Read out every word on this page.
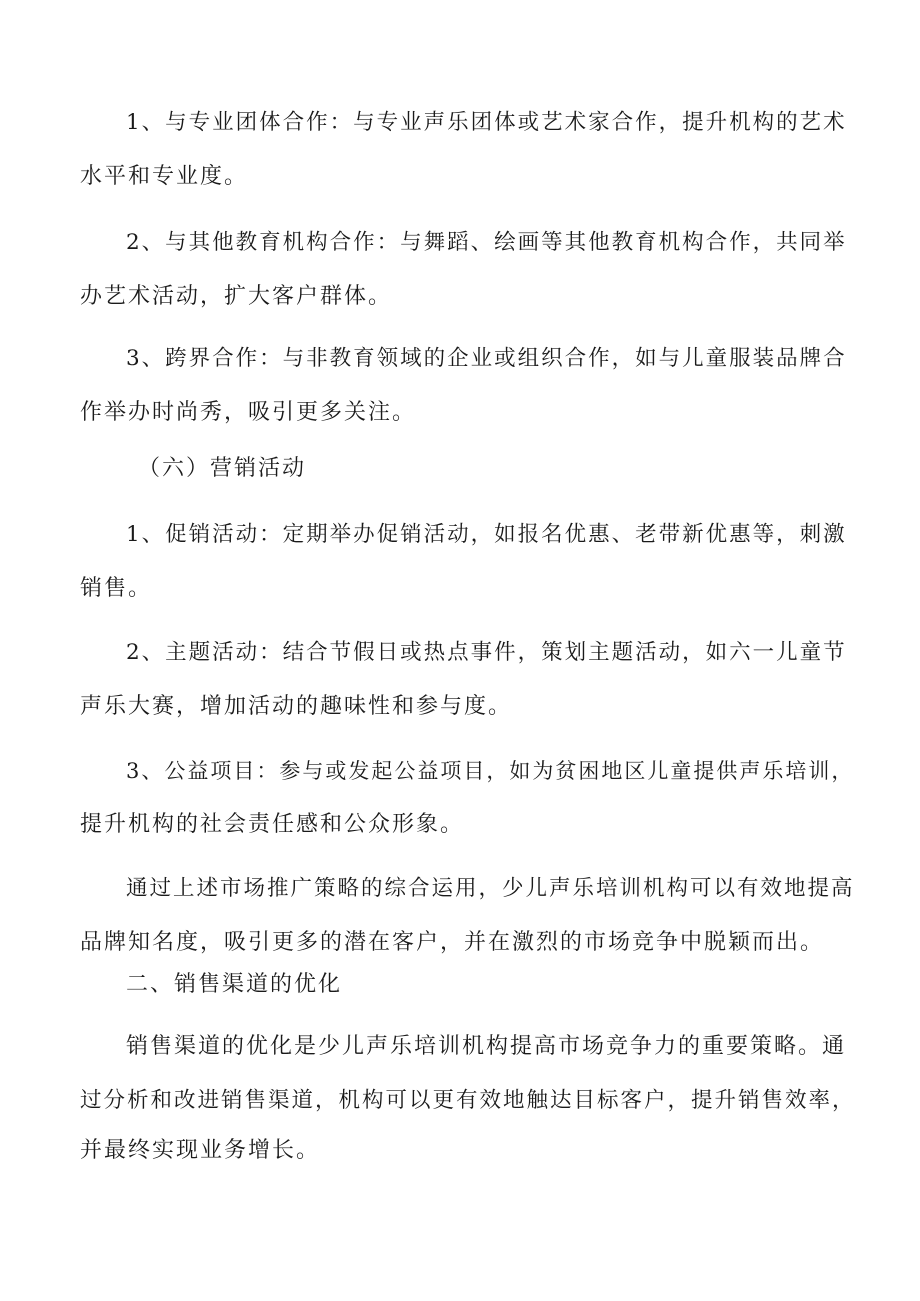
1、与专业团体合作：与专业声乐团体或艺术家合作，提升机构的艺术

水平和专业度。

2、与其他教育机构合作：与舞蹈、绘画等其他教育机构合作，共同举

办艺术活动，扩大客户群体。

3、跨界合作：与非教育领域的企业或组织合作，如与儿童服装品牌合

作举办时尚秀，吸引更多关注。

（六）营销活动

1、促销活动：定期举办促销活动，如报名优惠、老带新优惠等，刺激

销售。

2、主题活动：结合节假日或热点事件，策划主题活动，如六一儿童节

声乐大赛，增加活动的趣味性和参与度。

3、公益项目：参与或发起公益项目，如为贫困地区儿童提供声乐培训，

提升机构的社会责任感和公众形象。

通过上述市场推广策略的综合运用，少儿声乐培训机构可以有效地提高

品牌知名度，吸引更多的潜在客户，并在激烈的市场竞争中脱颖而出。

二、销售渠道的优化

销售渠道的优化是少儿声乐培训机构提高市场竞争力的重要策略。通

过分析和改进销售渠道，机构可以更有效地触达目标客户，提升销售效率，

并最终实现业务增长。
